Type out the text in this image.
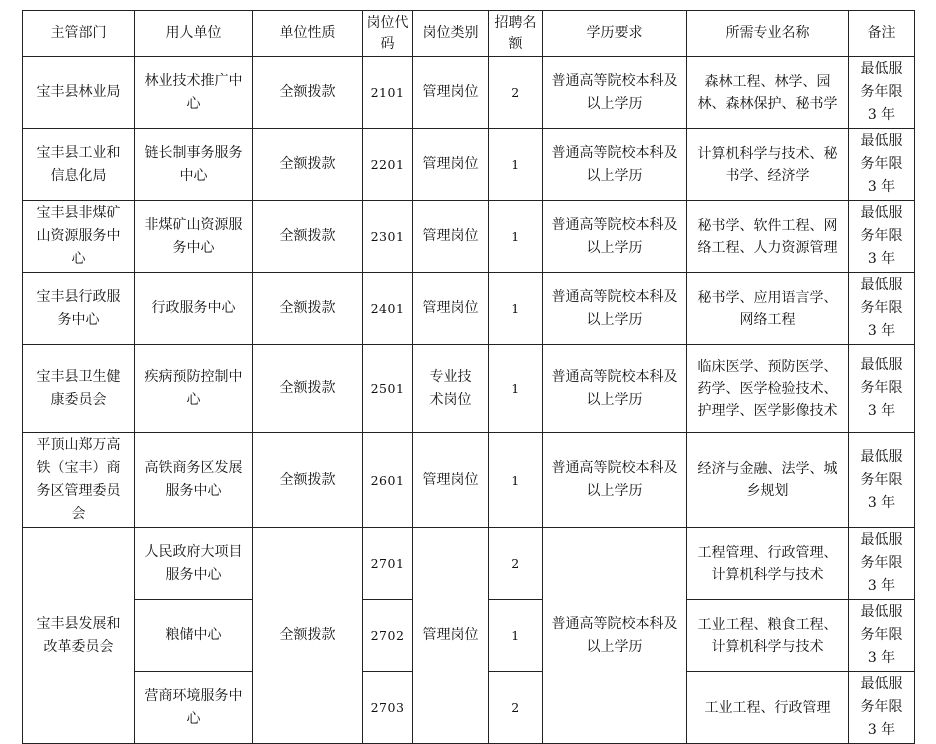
主管部门	用人单位	单位性质	岗位代码	岗位类别	招聘名额	学历要求	所需专业名称	备注
宝丰县林业局	林业技术推广中心	全额拨款	2101	管理岗位	2	普通高等院校本科及以上学历	森林工程、林学、园林、森林保护、秘书学	最低服务年限 3 年
宝丰县工业和信息化局	链长制事务服务中心	全额拨款	2201	管理岗位	1	普通高等院校本科及以上学历	计算机科学与技术、秘书学、经济学	最低服务年限 3 年
宝丰县非煤矿山资源服务中心	非煤矿山资源服务中心	全额拨款	2301	管理岗位	1	普通高等院校本科及以上学历	秘书学、软件工程、网络工程、人力资源管理	最低服务年限 3 年
宝丰县行政服务中心	行政服务中心	全额拨款	2401	管理岗位	1	普通高等院校本科及以上学历	秘书学、应用语言学、网络工程	最低服务年限 3 年
宝丰县卫生健康委员会	疾病预防控制中心	全额拨款	2501	专业技术岗位	1	普通高等院校本科及以上学历	临床医学、预防医学、药学、医学检验技术、护理学、医学影像技术	最低服务年限 3 年
平顶山郑万高铁（宝丰）商务区管理委员会	高铁商务区发展服务中心	全额拨款	2601	管理岗位	1	普通高等院校本科及以上学历	经济与金融、法学、城乡规划	最低服务年限 3 年
宝丰县发展和改革委员会	人民政府大项目服务中心	全额拨款	2701	管理岗位	2	普通高等院校本科及以上学历	工程管理、行政管理、计算机科学与技术	最低服务年限 3 年
	粮储中心		2702		1		工业工程、粮食工程、计算机科学与技术	最低服务年限 3 年
	营商环境服务中心		2703		2		工业工程、行政管理	最低服务年限 3 年
